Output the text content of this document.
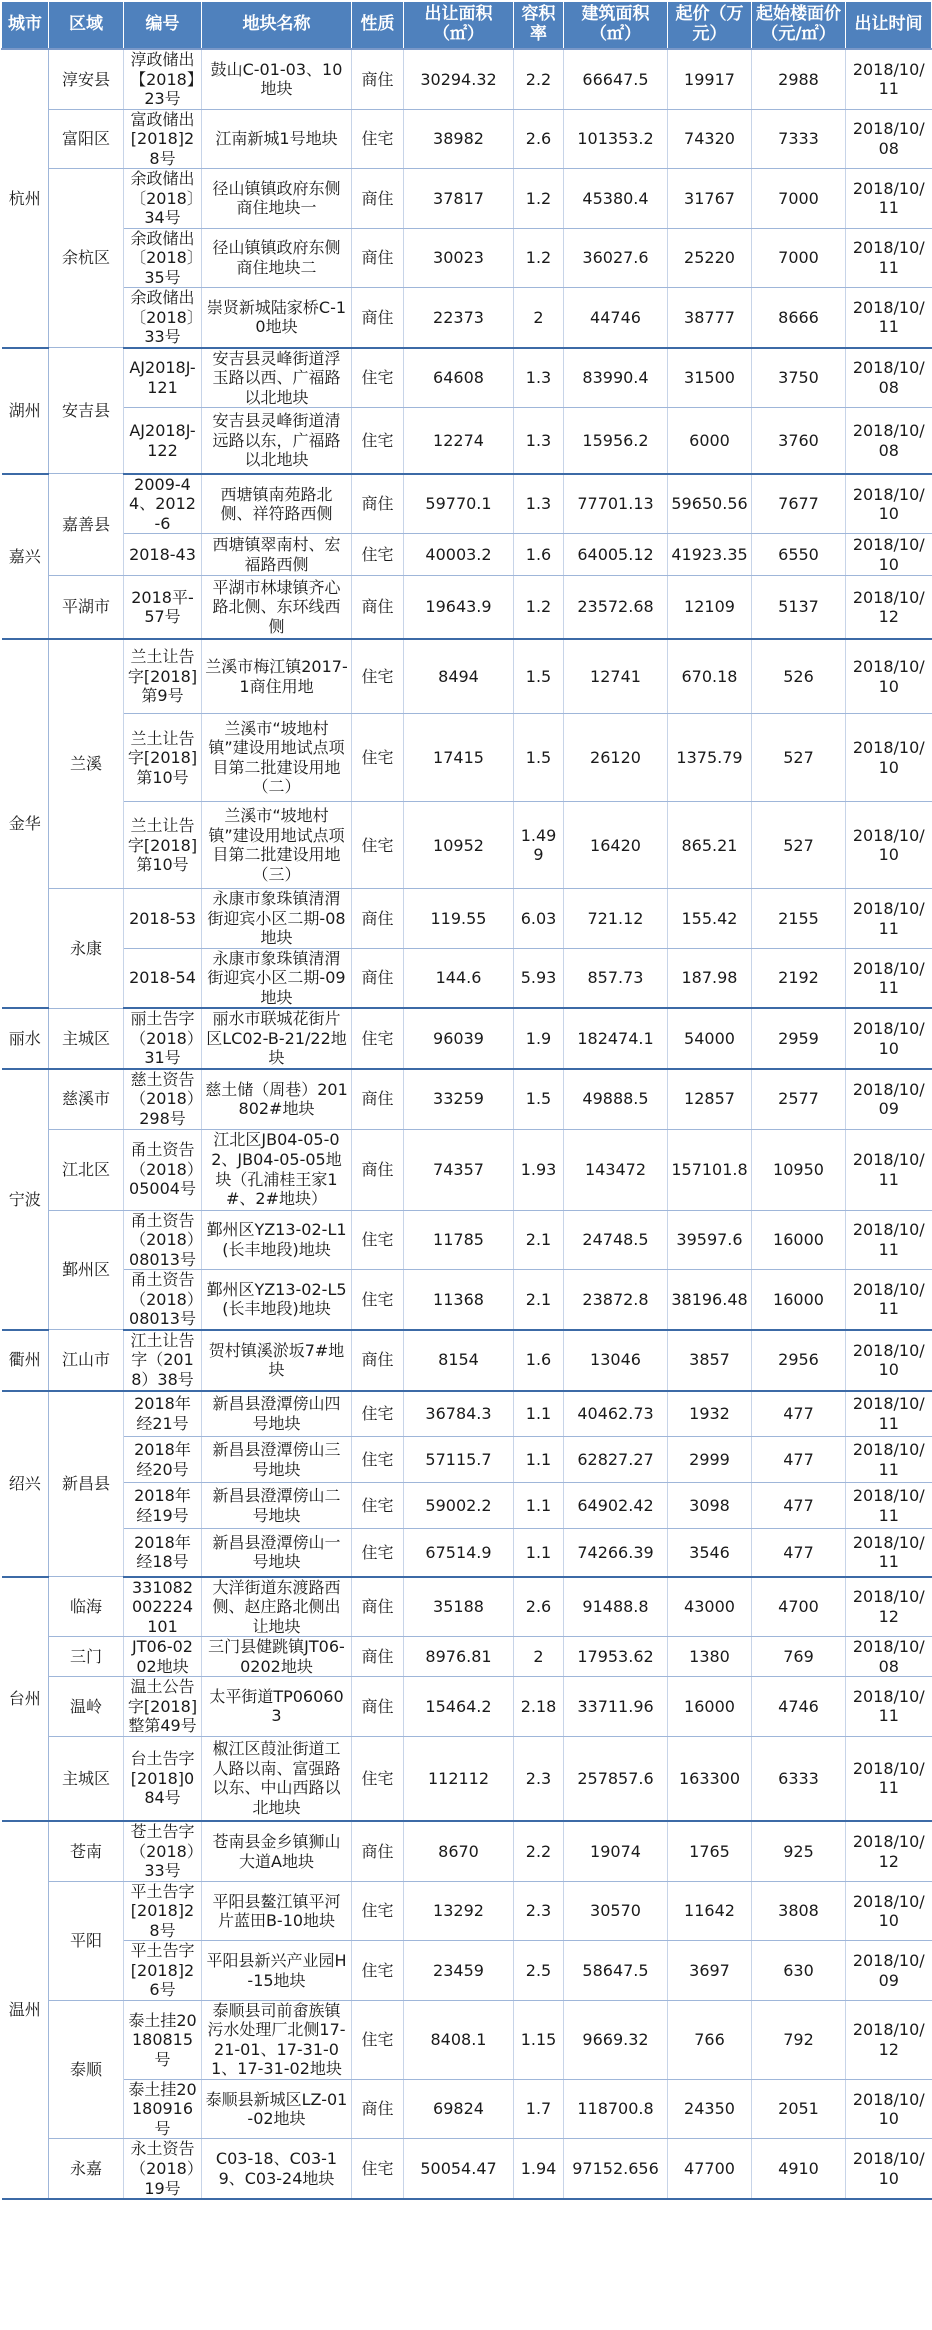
城市	区域	编号	地块名称	性质	出让面积（㎡）	容积率	建筑面积（㎡）	起价（万元）	起始楼面价（元/㎡）	出让时间
杭州	淳安县	淳政储出【2018】23号	鼓山C-01-03、10地块	商住	30294.32	2.2	66647.5	19917	2988	2018/10/11
	富阳区	富政储出[2018]28号	江南新城1号地块	住宅	38982	2.6	101353.2	74320	7333	2018/10/08
	余杭区	余政储出〔2018〕34号	径山镇镇政府东侧商住地块一	商住	37817	1.2	45380.4	31767	7000	2018/10/11
		余政储出〔2018〕35号	径山镇镇政府东侧商住地块二	商住	30023	1.2	36027.6	25220	7000	2018/10/11
		余政储出〔2018〕33号	崇贤新城陆家桥C-10地块	商住	22373	2	44746	38777	8666	2018/10/11
湖州	安吉县	AJ2018J-121	安吉县灵峰街道浮玉路以西、广福路以北地块	住宅	64608	1.3	83990.4	31500	3750	2018/10/08
		AJ2018J-122	安吉县灵峰街道清远路以东，广福路以北地块	住宅	12274	1.3	15956.2	6000	3760	2018/10/08
嘉兴	嘉善县	2009-44、2012-6	西塘镇南苑路北侧、祥符路西侧	商住	59770.1	1.3	77701.13	59650.56	7677	2018/10/10
		2018-43	西塘镇翠南村、宏福路西侧	住宅	40003.2	1.6	64005.12	41923.35	6550	2018/10/10
	平湖市	2018平-57号	平湖市林埭镇齐心路北侧、东环线西侧	商住	19643.9	1.2	23572.68	12109	5137	2018/10/12
金华	兰溪	兰土让告字[2018]第9号	兰溪市梅江镇2017-1商住用地	住宅	8494	1.5	12741	670.18	526	2018/10/10
		兰土让告字[2018]第10号	兰溪市“坡地村镇”建设用地试点项目第二批建设用地（二）	住宅	17415	1.5	26120	1375.79	527	2018/10/10
		兰土让告字[2018]第10号	兰溪市“坡地村镇”建设用地试点项目第二批建设用地（三）	住宅	10952	1.499	16420	865.21	527	2018/10/10
	永康	2018-53	永康市象珠镇清渭街迎宾小区二期-08地块	商住	119.55	6.03	721.12	155.42	2155	2018/10/11
		2018-54	永康市象珠镇清渭街迎宾小区二期-09地块	商住	144.6	5.93	857.73	187.98	2192	2018/10/11
丽水	主城区	丽土告字（2018）31号	丽水市联城花街片区LC02-B-21/22地块	住宅	96039	1.9	182474.1	54000	2959	2018/10/10
宁波	慈溪市	慈土资告（2018）298号	慈土储（周巷）201802#地块	商住	33259	1.5	49888.5	12857	2577	2018/10/09
	江北区	甬土资告（2018）05004号	江北区JB04-05-02、JB04-05-05地块（孔浦桂王家1#、2#地块）	商住	74357	1.93	143472	157101.8	10950	2018/10/11
	鄞州区	甬土资告（2018）08013号	鄞州区YZ13-02-L1(长丰地段)地块	住宅	11785	2.1	24748.5	39597.6	16000	2018/10/11
		甬土资告（2018）08013号	鄞州区YZ13-02-L5(长丰地段)地块	住宅	11368	2.1	23872.8	38196.48	16000	2018/10/11
衢州	江山市	江土让告字（2018）38号	贺村镇溪淤坂7#地块	商住	8154	1.6	13046	3857	2956	2018/10/10
绍兴	新昌县	2018年经21号	新昌县澄潭傍山四号地块	住宅	36784.3	1.1	40462.73	1932	477	2018/10/11
		2018年经20号	新昌县澄潭傍山三号地块	住宅	57115.7	1.1	62827.27	2999	477	2018/10/11
		2018年经19号	新昌县澄潭傍山二号地块	住宅	59002.2	1.1	64902.42	3098	477	2018/10/11
		2018年经18号	新昌县澄潭傍山一号地块	住宅	67514.9	1.1	74266.39	3546	477	2018/10/11
台州	临海	331082002224101	大洋街道东渡路西侧、赵庄路北侧出让地块	商住	35188	2.6	91488.8	43000	4700	2018/10/12
	三门	JT06-0202地块	三门县健跳镇JT06-0202地块	商住	8976.81	2	17953.62	1380	769	2018/10/08
	温岭	温土公告字[2018]整第49号	太平街道TP060603	商住	15464.2	2.18	33711.96	16000	4746	2018/10/11
	主城区	台土告字[2018]084号	椒江区葭沚街道工人路以南、富强路以东、中山西路以北地块	住宅	112112	2.3	257857.6	163300	6333	2018/10/11
温州	苍南	苍土告字（2018）33号	苍南县金乡镇狮山大道A地块	商住	8670	2.2	19074	1765	925	2018/10/12
	平阳	平土告字[2018]28号	平阳县鳌江镇平河片蓝田B-10地块	住宅	13292	2.3	30570	11642	3808	2018/10/10
		平土告字[2018]26号	平阳县新兴产业园H-15地块	住宅	23459	2.5	58647.5	3697	630	2018/10/09
	泰顺	泰土挂20180815号	泰顺县司前畲族镇污水处理厂北侧17-21-01、17-31-01、17-31-02地块	住宅	8408.1	1.15	9669.32	766	792	2018/10/12
		泰土挂20180916号	泰顺县新城区LZ-01-02地块	商住	69824	1.7	118700.8	24350	2051	2018/10/10
	永嘉	永土资告（2018）19号	C03-18、C03-19、C03-24地块	住宅	50054.47	1.94	97152.656	47700	4910	2018/10/10
